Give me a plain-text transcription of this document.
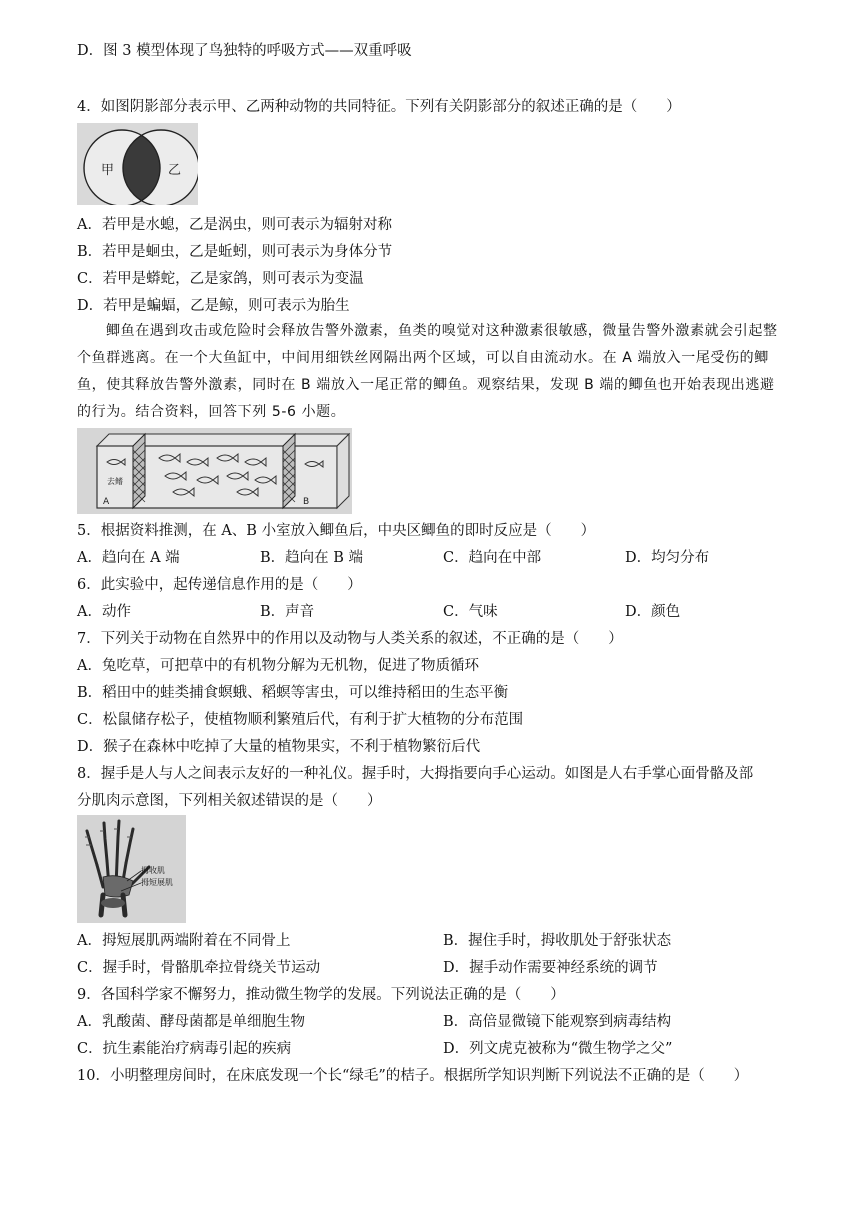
D．图 3 模型体现了鸟独特的呼吸方式——双重呼吸
4．如图阴影部分表示甲、乙两种动物的共同特征。下列有关阴影部分的叙述正确的是（　　）
甲	乙
A．若甲是水螅，乙是涡虫，则可表示为辐射对称
B．若甲是蛔虫，乙是蚯蚓，则可表示为身体分节
C．若甲是蟒蛇，乙是家鸽，则可表示为变温
D．若甲是蝙蝠，乙是鲸，则可表示为胎生
鲫鱼在遇到攻击或危险时会释放告警外激素，鱼类的嗅觉对这种激素很敏感，微量告警外激素就会引起整个鱼群逃离。在一个大鱼缸中，中间用细铁丝网隔出两个区域，可以自由流动水。在 A 端放入一尾受伤的鲫鱼，使其释放告警外激素，同时在 B 端放入一尾正常的鲫鱼。观察结果，发现 B 端的鲫鱼也开始表现出逃避的行为。结合资料，回答下列 5-6 小题。
去鳍
A	B
5．根据资料推测，在 A、B 小室放入鲫鱼后，中央区鲫鱼的即时反应是（　　）
A．趋向在 A 端	B．趋向在 B 端	C．趋向在中部	D．均匀分布
6．此实验中，起传递信息作用的是（　　）
A．动作	B．声音	C．气味	D．颜色
7．下列关于动物在自然界中的作用以及动物与人类关系的叙述，不正确的是（　　）
A．兔吃草，可把草中的有机物分解为无机物，促进了物质循环
B．稻田中的蛙类捕食螟蛾、稻螟等害虫，可以维持稻田的生态平衡
C．松鼠储存松子，使植物顺利繁殖后代，有利于扩大植物的分布范围
D．猴子在森林中吃掉了大量的植物果实，不利于植物繁衍后代
8．握手是人与人之间表示友好的一种礼仪。握手时，大拇指要向手心运动。如图是人右手掌心面骨骼及部
分肌肉示意图，下列相关叙述错误的是（　　）
拇收肌
拇短展肌
A．拇短展肌两端附着在不同骨上	B．握住手时，拇收肌处于舒张状态
C．握手时，骨骼肌牵拉骨绕关节运动	D．握手动作需要神经系统的调节
9．各国科学家不懈努力，推动微生物学的发展。下列说法正确的是（　　）
A．乳酸菌、酵母菌都是单细胞生物	B．高倍显微镜下能观察到病毒结构
C．抗生素能治疗病毒引起的疾病	D．列文虎克被称为“微生物学之父”
10．小明整理房间时，在床底发现一个长“绿毛”的桔子。根据所学知识判断下列说法不正确的是（　　）
